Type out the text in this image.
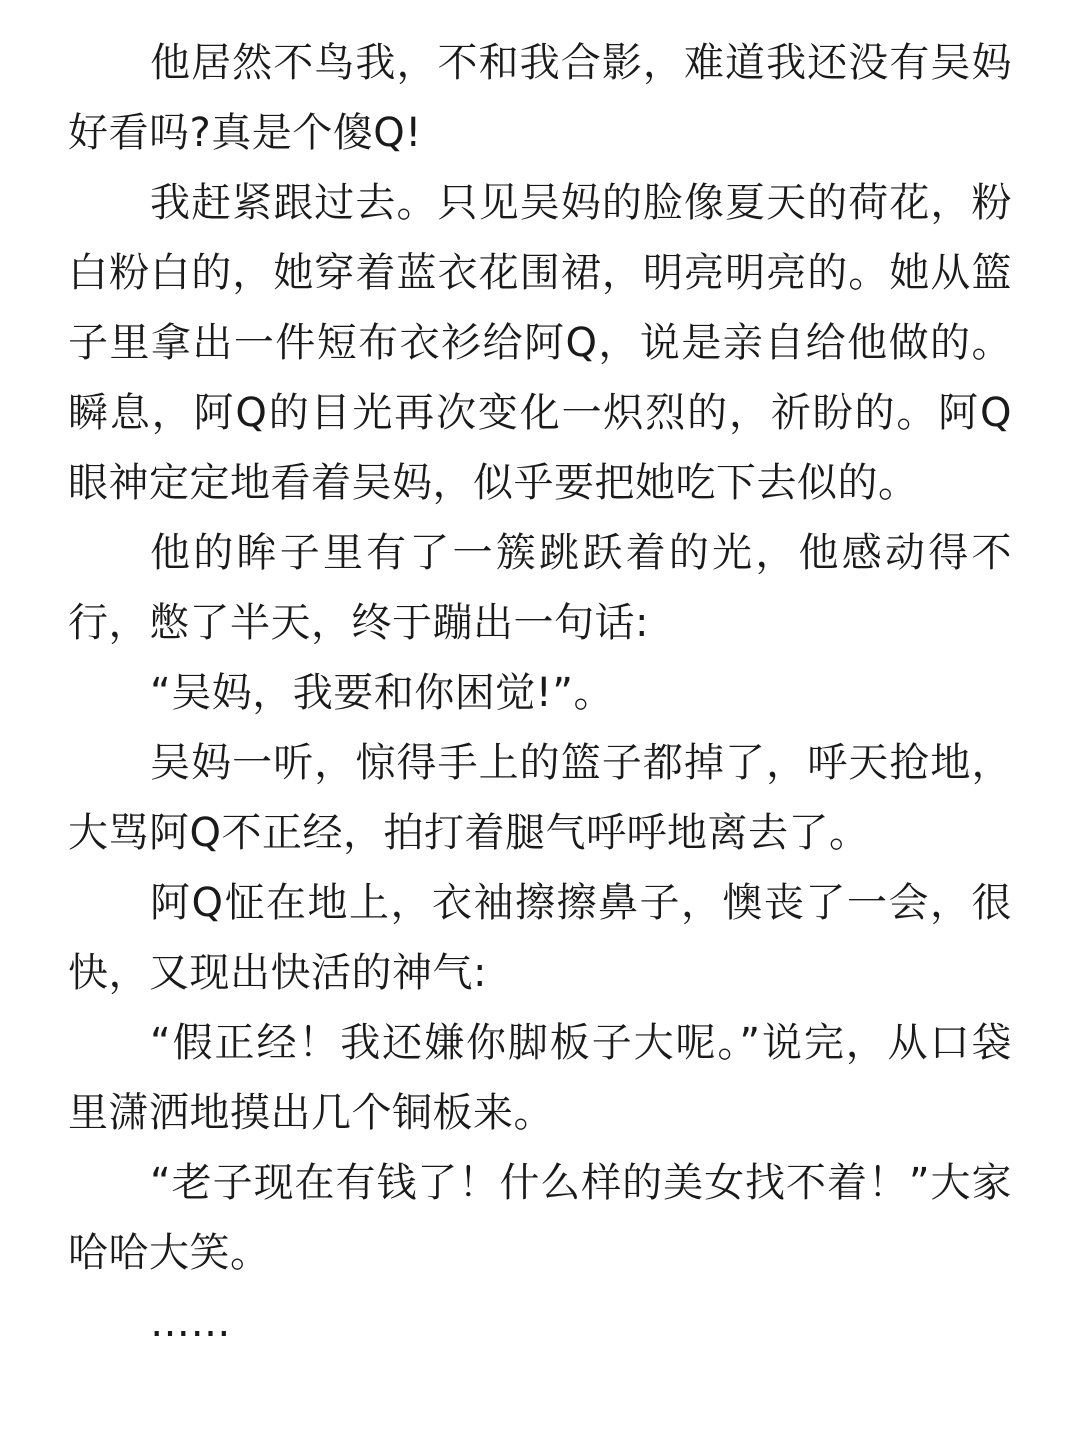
他居然不鸟我，不和我合影，难道我还没有吴妈好看吗?真是个傻Q!

我赶紧跟过去。只见吴妈的脸像夏天的荷花，粉白粉白的，她穿着蓝衣花围裙，明亮明亮的。她从篮子里拿出一件短布衣衫给阿Q，说是亲自给他做的。瞬息，阿Q的目光再次变化一炽烈的，祈盼的。阿Q眼神定定地看着吴妈，似乎要把她吃下去似的。

他的眸子里有了一簇跳跃着的光，他感动得不行，憋了半天，终于蹦出一句话:

“吴妈，我要和你困觉!”。

吴妈一听，惊得手上的篮子都掉了，呼天抢地，大骂阿Q不正经，拍打着腿气呼呼地离去了。

阿Q怔在地上，衣袖擦擦鼻子，懊丧了一会，很快，又现出快活的神气:

“假正经！我还嫌你脚板子大呢。”说完，从口袋里潇洒地摸出几个铜板来。

“老子现在有钱了！什么样的美女找不着！”大家哈哈大笑。

……
